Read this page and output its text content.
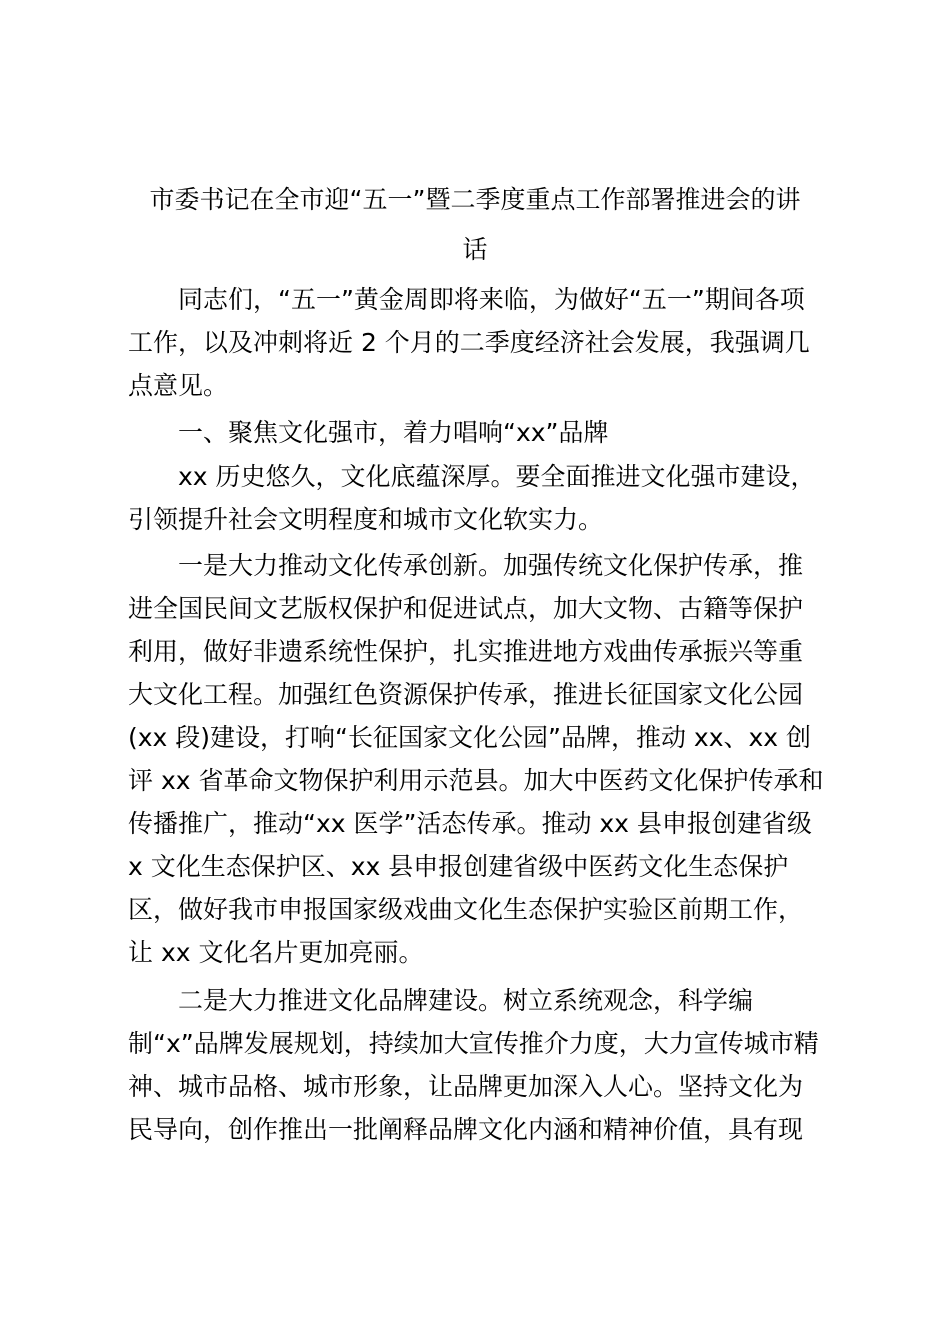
市委书记在全市迎“五一”暨二季度重点工作部署推进会的讲
话
同志们，“五一”黄金周即将来临，为做好“五一”期间各项
工作，以及冲刺将近 2 个月的二季度经济社会发展，我强调几
点意见。
一、聚焦文化强市，着力唱响“xx”品牌
xx 历史悠久，文化底蕴深厚。要全面推进文化强市建设，
引领提升社会文明程度和城市文化软实力。
一是大力推动文化传承创新。加强传统文化保护传承，推
进全国民间文艺版权保护和促进试点，加大文物、古籍等保护
利用，做好非遗系统性保护，扎实推进地方戏曲传承振兴等重
大文化工程。加强红色资源保护传承，推进长征国家文化公园
(xx 段)建设，打响“长征国家文化公园”品牌，推动 xx、xx 创
评 xx 省革命文物保护利用示范县。加大中医药文化保护传承和
传播推广，推动“xx 医学”活态传承。推动 xx 县申报创建省级
x 文化生态保护区、xx 县申报创建省级中医药文化生态保护
区，做好我市申报国家级戏曲文化生态保护实验区前期工作，
让 xx 文化名片更加亮丽。
二是大力推进文化品牌建设。树立系统观念，科学编
制“x”品牌发展规划，持续加大宣传推介力度，大力宣传城市精
神、城市品格、城市形象，让品牌更加深入人心。坚持文化为
民导向，创作推出一批阐释品牌文化内涵和精神价值，具有现
